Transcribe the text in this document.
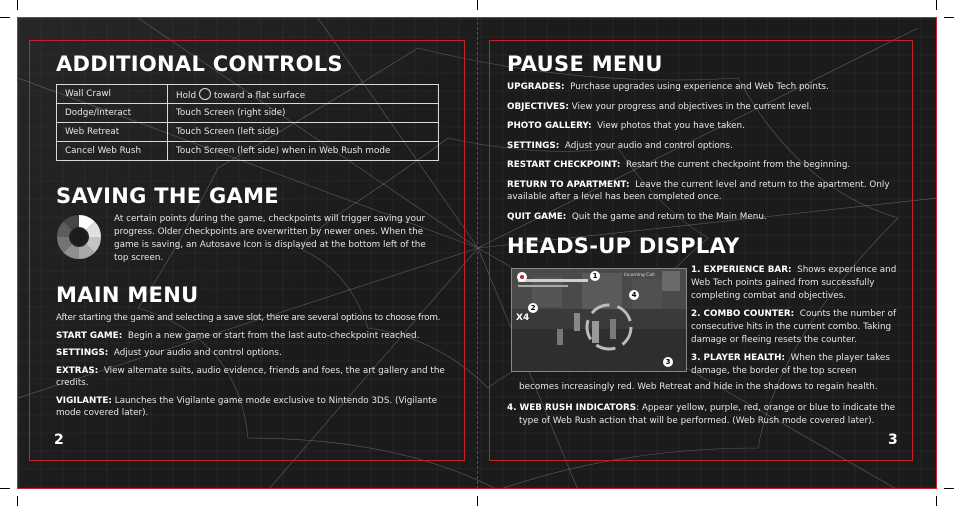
ADDITIONAL CONTROLS
Wall Crawl	Hold toward a flat surface
Dodge/Interact	Touch Screen (right side)
Web Retreat	Touch Screen (left side)
Cancel Web Rush	Touch Screen (left side) when in Web Rush mode
SAVING THE GAME
At certain points during the game, checkpoints will trigger saving your progress. Older checkpoints are overwritten by newer ones. When the game is saving, an Autosave Icon is displayed at the bottom left of the top screen.
MAIN MENU
After starting the game and selecting a save slot, there are several options to choose from.
START GAME: Begin a new game or start from the last auto-checkpoint reached.
SETTINGS: Adjust your audio and control options.
EXTRAS: View alternate suits, audio evidence, friends and foes, the art gallery and the credits.
VIGILANTE: Launches the Vigilante game mode exclusive to Nintendo 3DS. (Vigilante mode covered later).
2
PAUSE MENU
UPGRADES: Purchase upgrades using experience and Web Tech points.
OBJECTIVES: View your progress and objectives in the current level.
PHOTO GALLERY: View photos that you have taken.
SETTINGS: Adjust your audio and control options.
RESTART CHECKPOINT: Restart the current checkpoint from the beginning.
RETURN TO APARTMENT: Leave the current level and return to the apartment. Only available after a level has been completed once.
QUIT GAME: Quit the game and return to the Main Menu.
HEADS-UP DISPLAY
1
2
3
4
X4
Incoming Call
1. EXPERIENCE BAR: Shows experience and Web Tech points gained from successfully completing combat and objectives.
2. COMBO COUNTER: Counts the number of consecutive hits in the current combo. Taking damage or fleeing resets the counter.
3. PLAYER HEALTH: When the player takes damage, the border of the top screen
becomes increasingly red. Web Retreat and hide in the shadows to regain health.
4. WEB RUSH INDICATORS: Appear yellow, purple, red, orange or blue to indicate the type of Web Rush action that will be performed. (Web Rush mode covered later).
3
